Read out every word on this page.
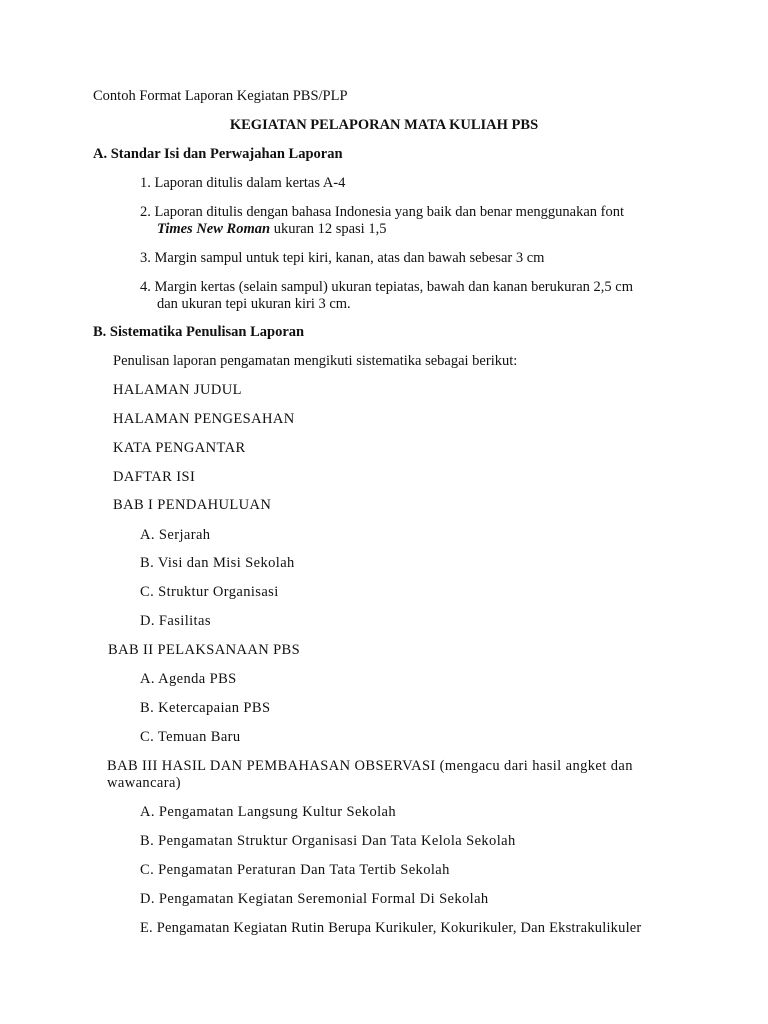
Contoh Format Laporan Kegiatan PBS/PLP
KEGIATAN PELAPORAN MATA KULIAH PBS
A. Standar Isi dan Perwajahan Laporan
1. Laporan ditulis dalam kertas A-4
2. Laporan ditulis dengan bahasa Indonesia yang baik dan benar menggunakan font
Times New Roman ukuran 12 spasi 1,5
3. Margin sampul untuk tepi kiri, kanan, atas dan bawah sebesar 3 cm
4. Margin kertas (selain sampul) ukuran tepiatas, bawah dan kanan berukuran 2,5 cm
dan ukuran tepi ukuran kiri 3 cm.
B. Sistematika Penulisan Laporan
Penulisan laporan pengamatan mengikuti sistematika sebagai berikut:
HALAMAN JUDUL
HALAMAN PENGESAHAN
KATA PENGANTAR
DAFTAR ISI
BAB I PENDAHULUAN
A. Serjarah
B. Visi dan Misi Sekolah
C. Struktur Organisasi
D. Fasilitas
BAB II PELAKSANAAN PBS
A. Agenda PBS
B. Ketercapaian PBS
C. Temuan Baru
BAB III HASIL DAN PEMBAHASAN OBSERVASI (mengacu dari hasil angket dan
wawancara)
A. Pengamatan Langsung Kultur Sekolah
B. Pengamatan Struktur Organisasi Dan Tata Kelola Sekolah
C. Pengamatan Peraturan Dan Tata Tertib Sekolah
D. Pengamatan Kegiatan Seremonial Formal Di Sekolah
E. Pengamatan Kegiatan Rutin Berupa Kurikuler, Kokurikuler, Dan Ekstrakulikuler
